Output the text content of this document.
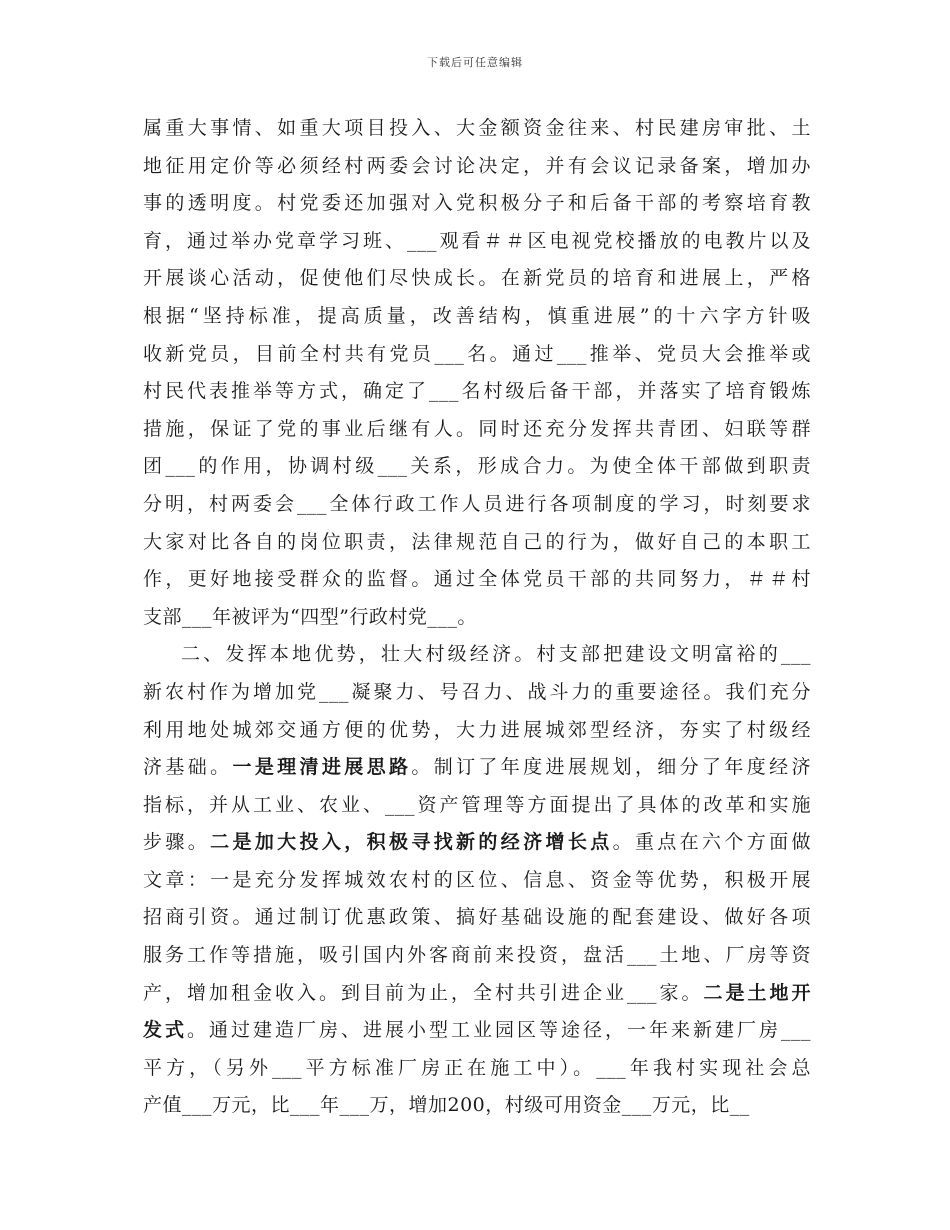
下载后可任意编辑
属重大事情、如重大项目投入、大金额资金往来、村民建房审批、土
地征用定价等必须经村两委会讨论决定，并有会议记录备案，增加办
事的透明度。村党委还加强对入党积极分子和后备干部的考察培育教
育，通过举办党章学习班、___观看＃＃区电视党校播放的电教片以及
开展谈心活动，促使他们尽快成长。在新党员的培育和进展上，严格
根据“坚持标准，提高质量，改善结构，慎重进展”的十六字方针吸
收新党员，目前全村共有党员___名。通过___推举、党员大会推举或
村民代表推举等方式，确定了___名村级后备干部，并落实了培育锻炼
措施，保证了党的事业后继有人。同时还充分发挥共青团、妇联等群
团___的作用，协调村级___关系，形成合力。为使全体干部做到职责
分明，村两委会___全体行政工作人员进行各项制度的学习，时刻要求
大家对比各自的岗位职责，法律规范自己的行为，做好自己的本职工
作，更好地接受群众的监督。通过全体党员干部的共同努力，＃＃村
支部___年被评为“四型”行政村党___。
二、发挥本地优势，壮大村级经济。村支部把建设文明富裕的___
新农村作为增加党___凝聚力、号召力、战斗力的重要途径。我们充分
利用地处城郊交通方便的优势，大力进展城郊型经济，夯实了村级经
济基础。一是理清进展思路。制订了年度进展规划，细分了年度经济
指标，并从工业、农业、___资产管理等方面提出了具体的改革和实施
步骤。二是加大投入，积极寻找新的经济增长点。重点在六个方面做
文章：一是充分发挥城效农村的区位、信息、资金等优势，积极开展
招商引资。通过制订优惠政策、搞好基础设施的配套建设、做好各项
服务工作等措施，吸引国内外客商前来投资，盘活___土地、厂房等资
产，增加租金收入。到目前为止，全村共引进企业___家。二是土地开
发式。通过建造厂房、进展小型工业园区等途径，一年来新建厂房___
平方，（另外___平方标准厂房正在施工中）。___年我村实现社会总
产值___万元，比___年___万，增加200，村级可用资金___万元，比__
